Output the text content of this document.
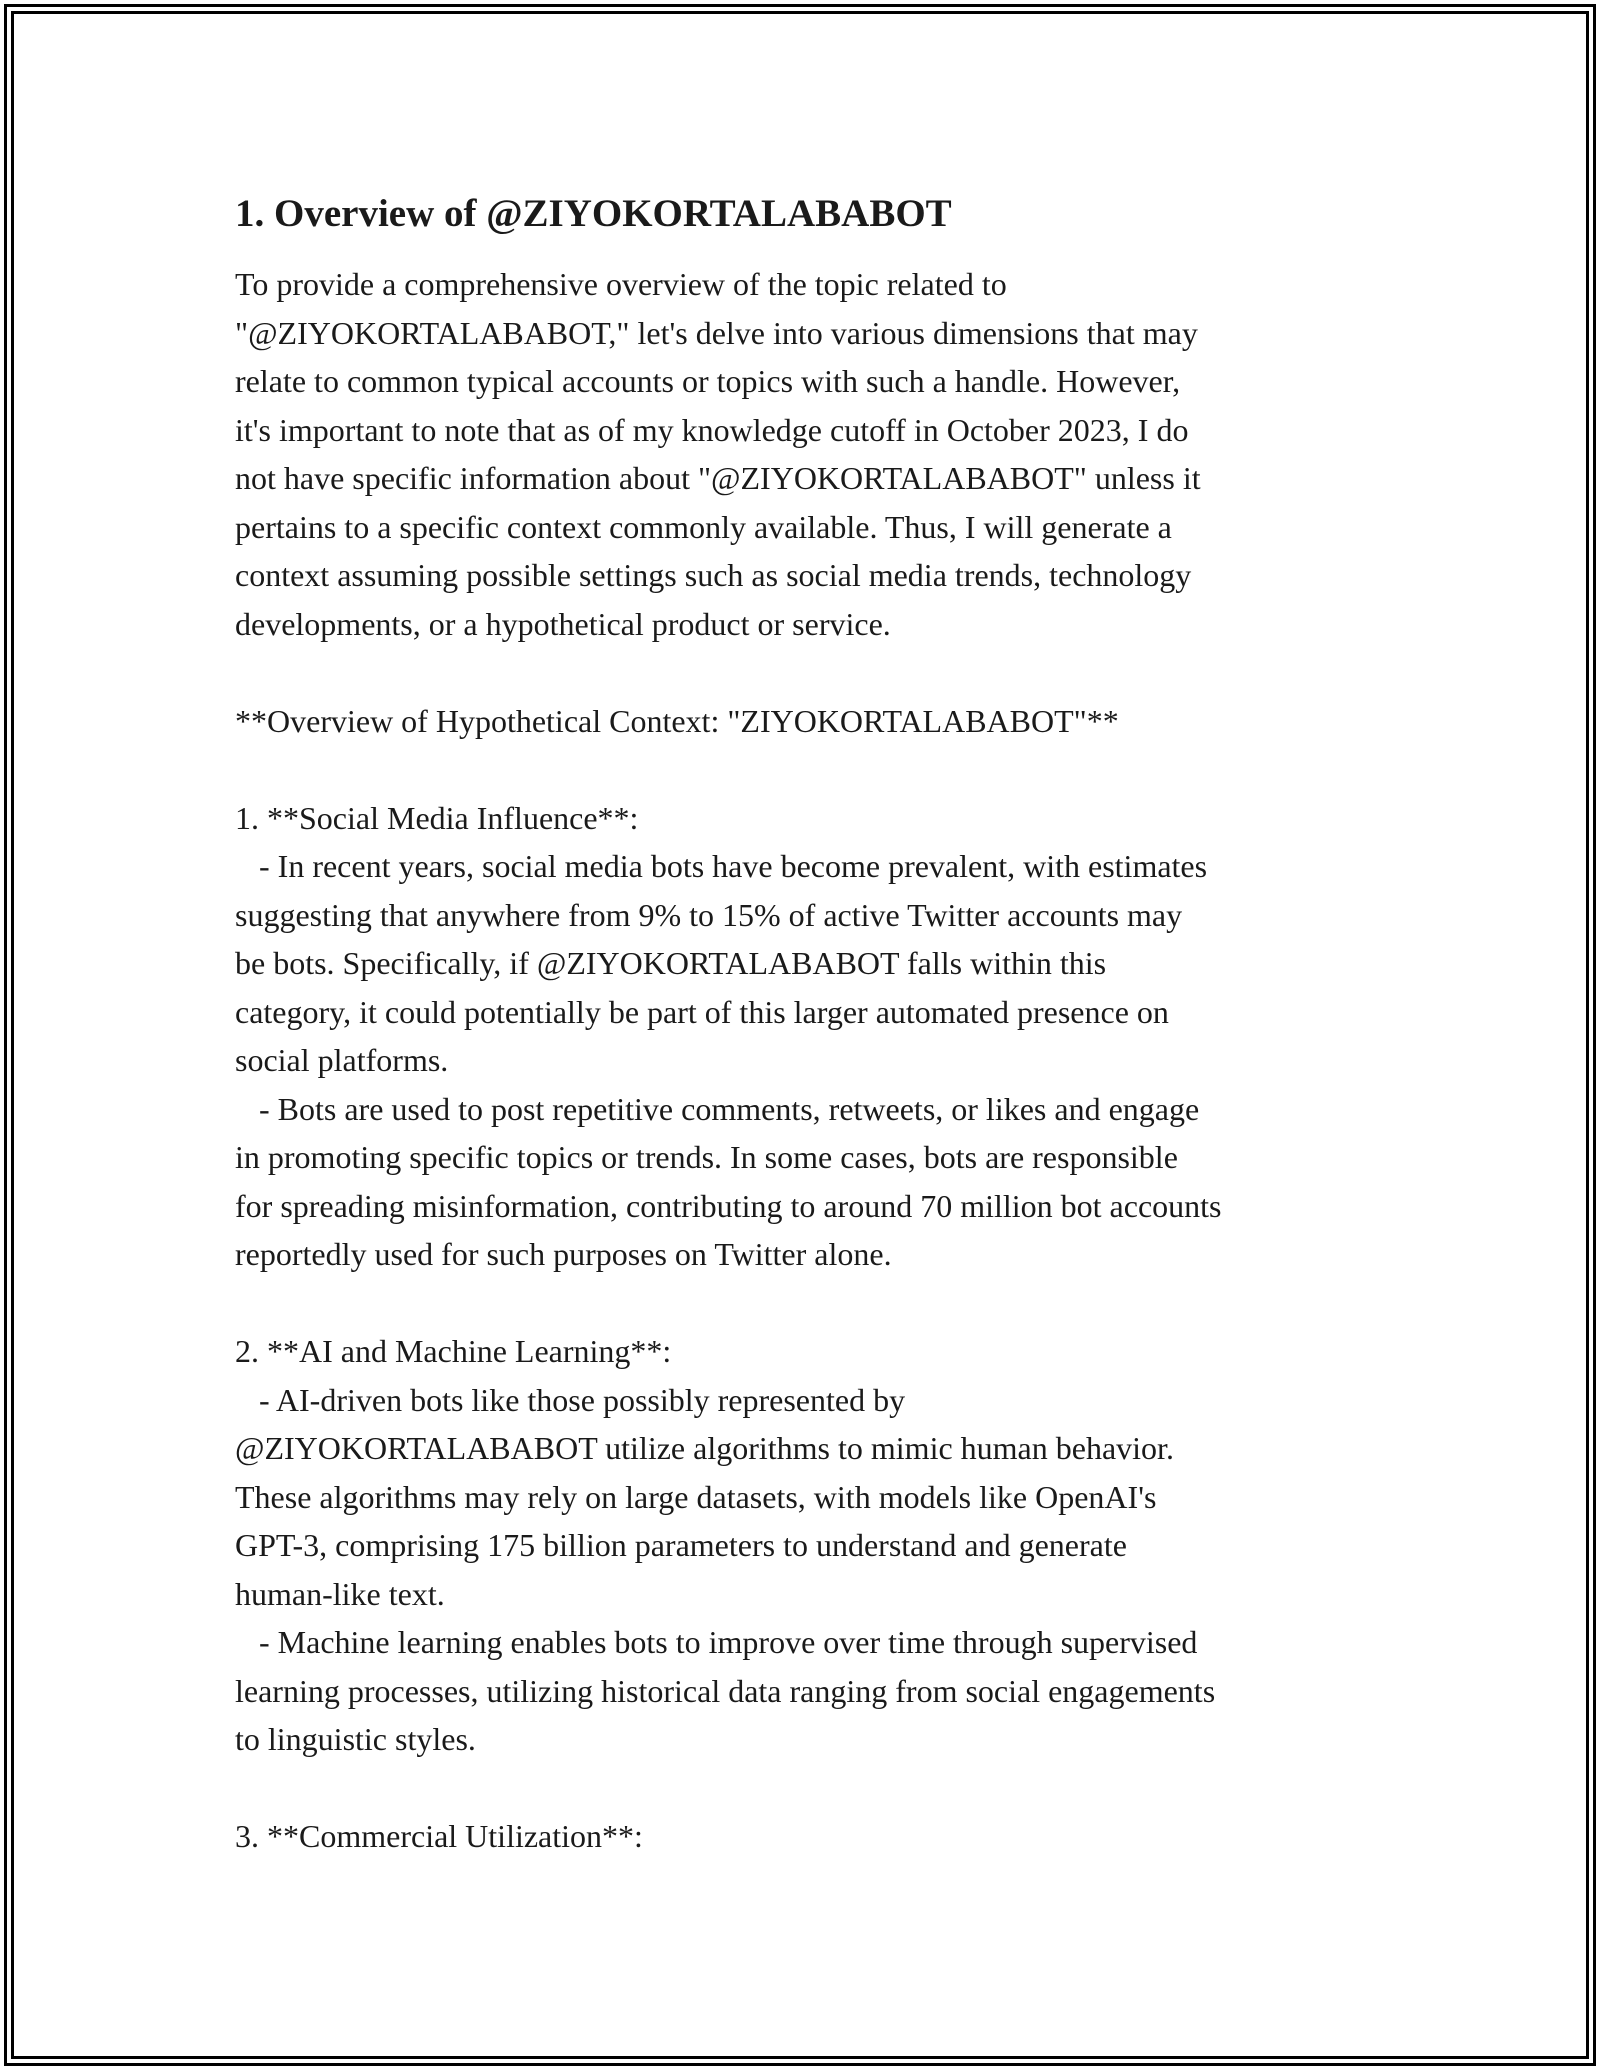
1. Overview of @ZIYOKORTALABABOT

To provide a comprehensive overview of the topic related to
"@ZIYOKORTALABABOT," let's delve into various dimensions that may
relate to common typical accounts or topics with such a handle. However,
it's important to note that as of my knowledge cutoff in October 2023, I do
not have specific information about "@ZIYOKORTALABABOT" unless it
pertains to a specific context commonly available. Thus, I will generate a
context assuming possible settings such as social media trends, technology
developments, or a hypothetical product or service.

**Overview of Hypothetical Context: "ZIYOKORTALABABOT"**

1. **Social Media Influence**:

- In recent years, social media bots have become prevalent, with estimates
suggesting that anywhere from 9% to 15% of active Twitter accounts may
be bots. Specifically, if @ZIYOKORTALABABOT falls within this
category, it could potentially be part of this larger automated presence on
social platforms.
- Bots are used to post repetitive comments, retweets, or likes and engage
in promoting specific topics or trends. In some cases, bots are responsible
for spreading misinformation, contributing to around 70 million bot accounts
reportedly used for such purposes on Twitter alone.

2. **AI and Machine Learning**:

- AI-driven bots like those possibly represented by
@ZIYOKORTALABABOT utilize algorithms to mimic human behavior.
These algorithms may rely on large datasets, with models like OpenAI's
GPT-3, comprising 175 billion parameters to understand and generate
human-like text.
- Machine learning enables bots to improve over time through supervised
learning processes, utilizing historical data ranging from social engagements
to linguistic styles.

3. **Commercial Utilization**:
